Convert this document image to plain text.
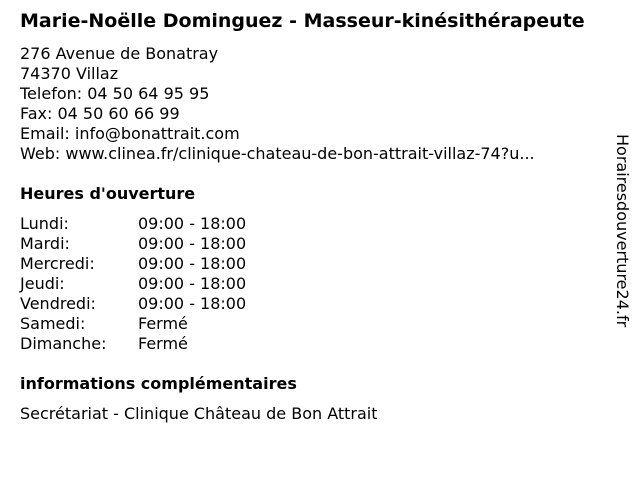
Marie-Noëlle Dominguez - Masseur-kinésithérapeute
276 Avenue de Bonatray
74370 Villaz
Telefon: 04 50 64 95 95
Fax: 04 50 60 66 99
Email: info@bonattrait.com
Web: www.clinea.fr/clinique-chateau-de-bon-attrait-villaz-74?u...
Heures d'ouverture
Lundi:	09:00 - 18:00
Mardi:	09:00 - 18:00
Mercredi:	09:00 - 18:00
Jeudi:	09:00 - 18:00
Vendredi:	09:00 - 18:00
Samedi:	Fermé
Dimanche: Fermé
informations complémentaires
Secrétariat - Clinique Château de Bon Attrait
Horairesdouverture24.fr
